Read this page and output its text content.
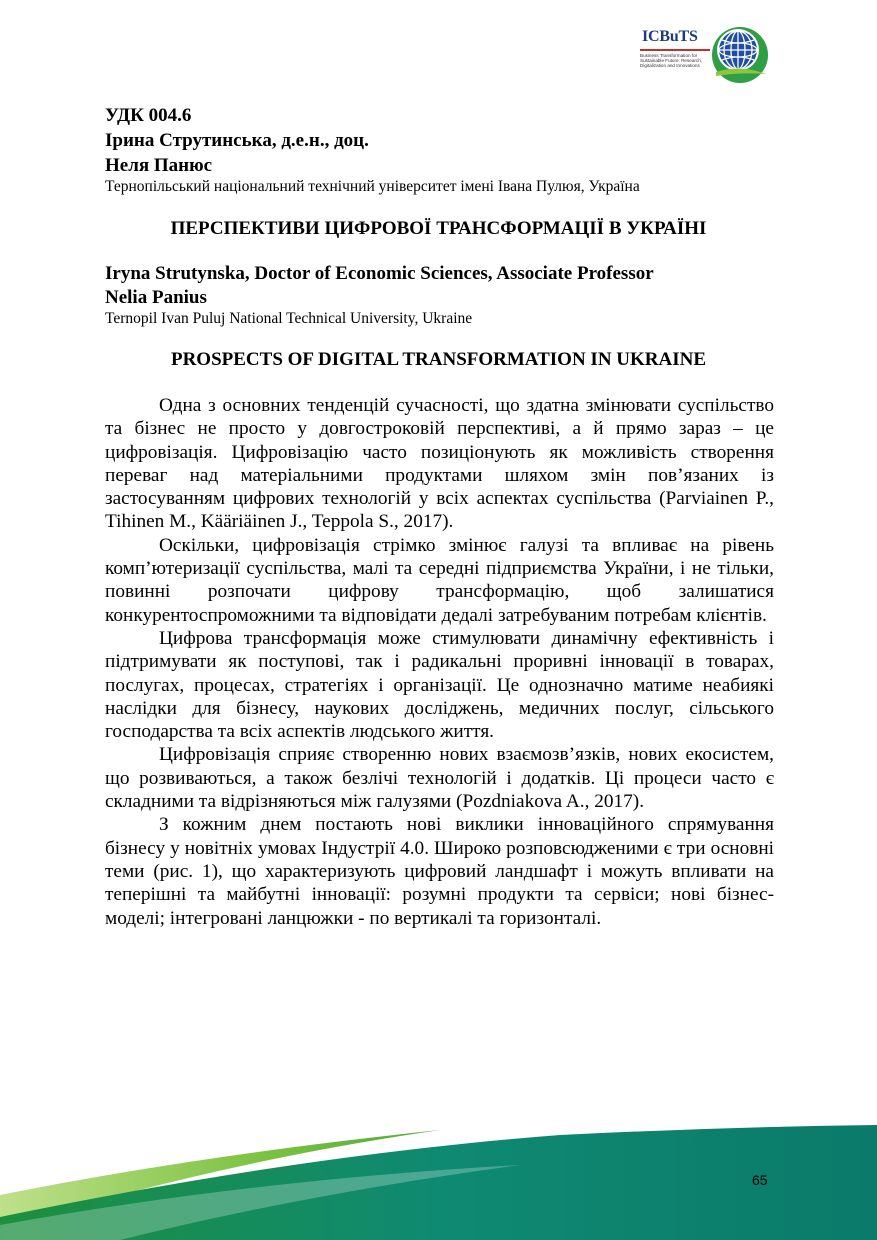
ICBuTS
Business Transformation for Sustainable Future: Research, Digitalization and Innovations
УДК 004.6
Ірина Струтинська, д.е.н., доц.
Неля Панюс
Тернопільський національний технічний університет імені Івана Пулюя, Україна
ПЕРСПЕКТИВИ ЦИФРОВОЇ ТРАНСФОРМАЦІЇ В УКРАЇНІ
Iryna Strutynska, Doctor of Economic Sciences, Associate Professor
Nelia Panius
Ternopil Ivan Puluj National Technical University, Ukraine
PROSPECTS OF DIGITAL TRANSFORMATION IN UKRAINE

Одна з основних тенденцій сучасності, що здатна змінювати суспільство та бізнес не просто у довгостроковій перспективі, а й прямо зараз – це цифровізація. Цифровізацію часто позиціонують як можливість створення переваг над матеріальними продуктами шляхом змін пов’язаних із застосуванням цифрових технологій у всіх аспектах суспільства (Parviainen P., Tihinen M., Kääriäinen J., Teppola S., 2017).

Оскільки, цифровізація стрімко змінює галузі та впливає на рівень комп’ютеризації суспільства, малі та середні підприємства України, і не тільки, повинні розпочати цифрову трансформацію, щоб залишатися конкурентоспроможними та відповідати дедалі затребуваним потребам клієнтів.

Цифрова трансформація може стимулювати динамічну ефективність і підтримувати як поступові, так і радикальні проривні інновації в товарах, послугах, процесах, стратегіях і організації. Це однозначно матиме неабиякі наслідки для бізнесу, наукових досліджень, медичних послуг, сільського господарства та всіх аспектів людського життя.

Цифровізація сприяє створенню нових взаємозв’язків, нових екосистем, що розвиваються, а також безлічі технологій і додатків. Ці процеси часто є складними та відрізняються між галузями (Pozdniakova A., 2017).

З кожним днем постають нові виклики інноваційного спрямування бізнесу у новітніх умовах Індустрії 4.0. Широко розповсюдженими є три основні теми (рис. 1), що характеризують цифровий ландшафт і можуть впливати на теперішні та майбутні інновації: розумні продукти та сервіси; нові бізнес-моделі; інтегровані ланцюжки - по вертикалі та горизонталі.

65
